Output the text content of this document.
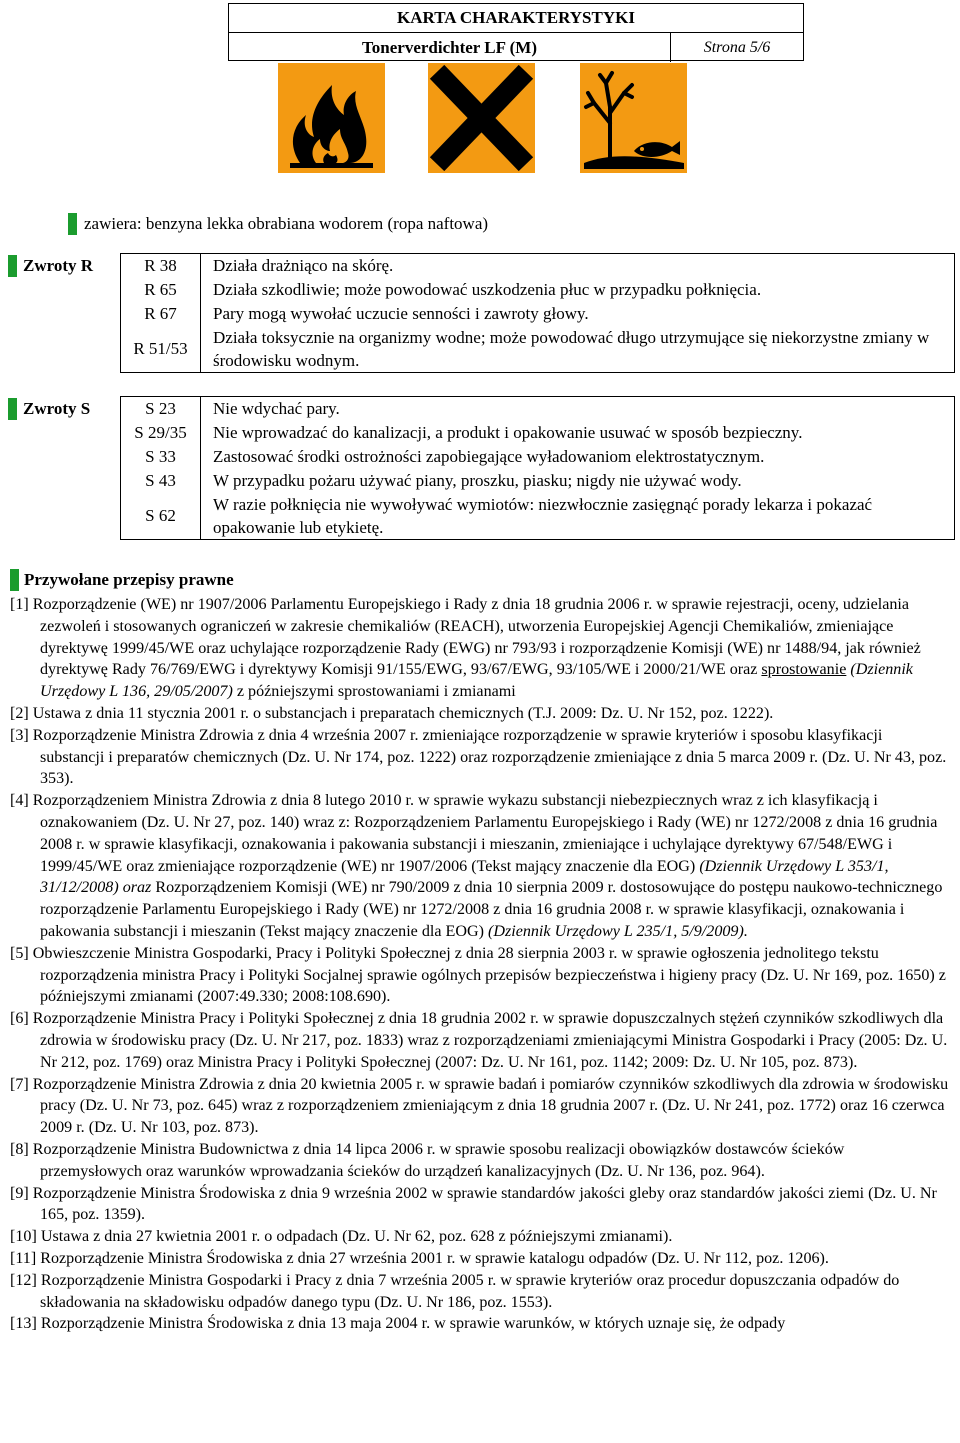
KARTA CHARAKTERYSTYKI
Tonerverdichter LF (M)	Strona 5/6
zawiera: benzyna lekka obrabiana wodorem (ropa naftowa)
Zwroty R	R 38	Działa drażniąco na skórę.
R 65	Działa szkodliwie; może powodować uszkodzenia płuc w przypadku połknięcia.
R 67	Pary mogą wywołać uczucie senności i zawroty głowy.
R 51/53	Działa toksycznie na organizmy wodne; może powodować długo utrzymujące się niekorzystne zmiany w środowisku wodnym.
Zwroty S	S 23	Nie wdychać pary.
S 29/35	Nie wprowadzać do kanalizacji, a produkt i opakowanie usuwać w sposób bezpieczny.
S 33	Zastosować środki ostrożności zapobiegające wyładowaniom elektrostatycznym.
S 43	W przypadku pożaru używać piany, proszku, piasku; nigdy nie używać wody.
S 62	W razie połknięcia nie wywoływać wymiotów: niezwłocznie zasięgnąć porady lekarza i pokazać opakowanie lub etykietę.
Przywołane przepisy prawne
[1] Rozporządzenie (WE) nr 1907/2006 Parlamentu Europejskiego i Rady z dnia 18 grudnia 2006 r. w sprawie rejestracji, oceny, udzielania zezwoleń i stosowanych ograniczeń w zakresie chemikaliów (REACH), utworzenia Europejskiej Agencji Chemikaliów, zmieniające dyrektywę 1999/45/WE oraz uchylające rozporządzenie Rady (EWG) nr 793/93 i rozporządzenie Komisji (WE) nr 1488/94, jak również dyrektywę Rady 76/769/EWG i dyrektywy Komisji 91/155/EWG, 93/67/EWG, 93/105/WE i 2000/21/WE oraz sprostowanie (Dziennik Urzędowy L 136, 29/05/2007) z późniejszymi sprostowaniami i zmianami
[2] Ustawa z dnia 11 stycznia 2001 r. o substancjach i preparatach chemicznych (T.J. 2009: Dz. U. Nr 152, poz. 1222).
[3] Rozporządzenie Ministra Zdrowia z dnia 4 września 2007 r. zmieniające rozporządzenie w sprawie kryteriów i sposobu klasyfikacji substancji i preparatów chemicznych (Dz. U. Nr 174, poz. 1222) oraz rozporządzenie zmieniające z dnia 5 marca 2009 r. (Dz. U. Nr 43, poz. 353).
[4] Rozporządzeniem Ministra Zdrowia z dnia 8 lutego 2010 r. w sprawie wykazu substancji niebezpiecznych wraz z ich klasyfikacją i oznakowaniem (Dz. U. Nr 27, poz. 140) wraz z: Rozporządzeniem Parlamentu Europejskiego i Rady (WE) nr 1272/2008 z dnia 16 grudnia 2008 r. w sprawie klasyfikacji, oznakowania i pakowania substancji i mieszanin, zmieniające i uchylające dyrektywy 67/548/EWG i 1999/45/WE oraz zmieniające rozporządzenie (WE) nr 1907/2006 (Tekst mający znaczenie dla EOG) (Dziennik Urzędowy L 353/1, 31/12/2008) oraz Rozporządzeniem Komisji (WE) nr 790/2009 z dnia 10 sierpnia 2009 r. dostosowujące do postępu naukowo-technicznego rozporządzenie Parlamentu Europejskiego i Rady (WE) nr 1272/2008 z dnia 16 grudnia 2008 r. w sprawie klasyfikacji, oznakowania i pakowania substancji i mieszanin (Tekst mający znaczenie dla EOG) (Dziennik Urzędowy L 235/1, 5/9/2009).
[5] Obwieszczenie Ministra Gospodarki, Pracy i Polityki Społecznej z dnia 28 sierpnia 2003 r. w sprawie ogłoszenia jednolitego tekstu rozporządzenia ministra Pracy i Polityki Socjalnej sprawie ogólnych przepisów bezpieczeństwa i higieny pracy (Dz. U. Nr 169, poz. 1650) z późniejszymi zmianami (2007:49.330; 2008:108.690).
[6] Rozporządzenie Ministra Pracy i Polityki Społecznej z dnia 18 grudnia 2002 r. w sprawie dopuszczalnych stężeń czynników szkodliwych dla zdrowia w środowisku pracy (Dz. U. Nr 217, poz. 1833) wraz z rozporządzeniami zmieniającymi Ministra Gospodarki i Pracy (2005: Dz. U. Nr 212, poz. 1769) oraz Ministra Pracy i Polityki Społecznej (2007: Dz. U. Nr 161, poz. 1142; 2009: Dz. U. Nr 105, poz. 873).
[7] Rozporządzenie Ministra Zdrowia z dnia 20 kwietnia 2005 r. w sprawie badań i pomiarów czynników szkodliwych dla zdrowia w środowisku pracy (Dz. U. Nr 73, poz. 645) wraz z rozporządzeniem zmieniającym z dnia 18 grudnia 2007 r. (Dz. U. Nr 241, poz. 1772) oraz 16 czerwca 2009 r. (Dz. U. Nr 103, poz. 873).
[8] Rozporządzenie Ministra Budownictwa z dnia 14 lipca 2006 r. w sprawie sposobu realizacji obowiązków dostawców ścieków przemysłowych oraz warunków wprowadzania ścieków do urządzeń kanalizacyjnych (Dz. U. Nr 136, poz. 964).
[9] Rozporządzenie Ministra Środowiska z dnia 9 września 2002 w sprawie standardów jakości gleby oraz standardów jakości ziemi (Dz. U. Nr 165, poz. 1359).
[10] Ustawa z dnia 27 kwietnia 2001 r. o odpadach (Dz. U. Nr 62, poz. 628 z późniejszymi zmianami).
[11] Rozporządzenie Ministra Środowiska z dnia 27 września 2001 r. w sprawie katalogu odpadów (Dz. U. Nr 112, poz. 1206).
[12] Rozporządzenie Ministra Gospodarki i Pracy z dnia 7 września 2005 r. w sprawie kryteriów oraz procedur dopuszczania odpadów do składowania na składowisku odpadów danego typu (Dz. U. Nr 186, poz. 1553).
[13] Rozporządzenie Ministra Środowiska z dnia 13 maja 2004 r. w sprawie warunków, w których uznaje się, że odpady
